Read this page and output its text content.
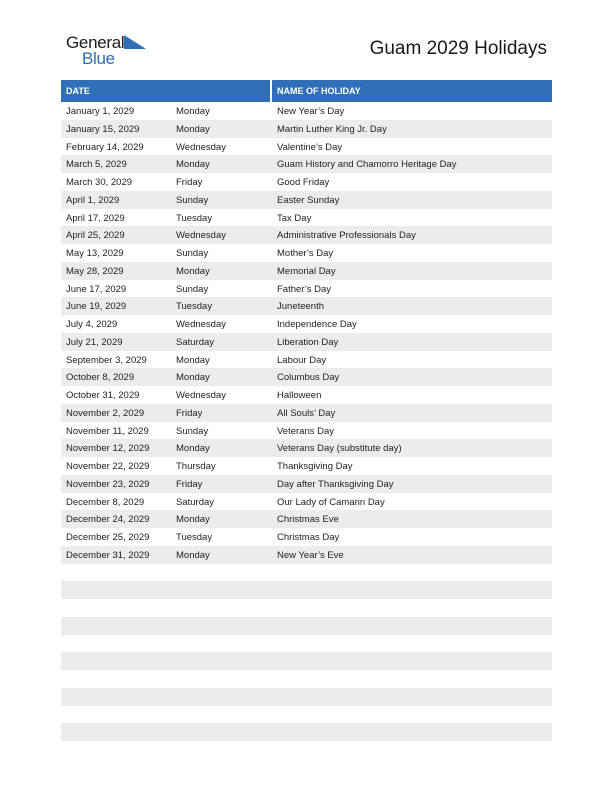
General
Blue	Guam 2029 Holidays
DATE	NAME OF HOLIDAY
January 1, 2029	Monday	New Year’s Day
January 15, 2029	Monday	Martin Luther King Jr. Day
February 14, 2029	Wednesday	Valentine’s Day
March 5, 2029	Monday	Guam History and Chamorro Heritage Day
March 30, 2029	Friday	Good Friday
April 1, 2029	Sunday	Easter Sunday
April 17, 2029	Tuesday	Tax Day
April 25, 2029	Wednesday	Administrative Professionals Day
May 13, 2029	Sunday	Mother’s Day
May 28, 2029	Monday	Memorial Day
June 17, 2029	Sunday	Father’s Day
June 19, 2029	Tuesday	Juneteenth
July 4, 2029	Wednesday	Independence Day
July 21, 2029	Saturday	Liberation Day
September 3, 2029	Monday	Labour Day
October 8, 2029	Monday	Columbus Day
October 31, 2029	Wednesday	Halloween
November 2, 2029	Friday	All Souls’ Day
November 11, 2029	Sunday	Veterans Day
November 12, 2029	Monday	Veterans Day (substitute day)
November 22, 2029	Thursday	Thanksgiving Day
November 23, 2029	Friday	Day after Thanksgiving Day
December 8, 2029	Saturday	Our Lady of Camarin Day
December 24, 2029	Monday	Christmas Eve
December 25, 2029	Tuesday	Christmas Day
December 31, 2029	Monday	New Year’s Eve
